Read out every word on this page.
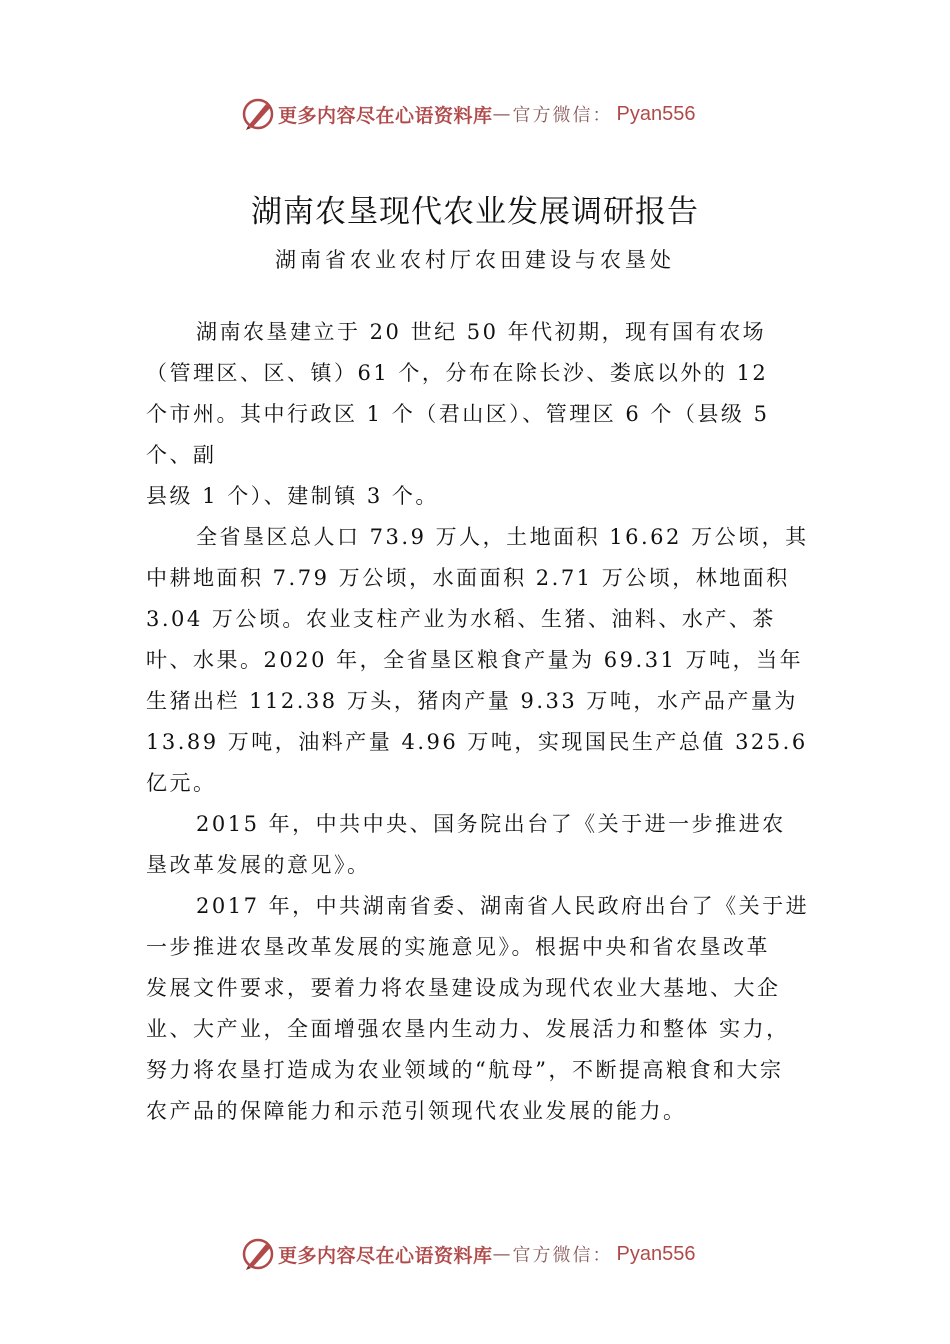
更多内容尽在心语资料库 — 官方微信： Pyan556
湖南农垦现代农业发展调研报告
湖南省农业农村厅农田建设与农垦处

湖南农垦建立于 20 世纪 50 年代初期，现有国有农场

（管理区、区、镇）61 个，分布在除长沙、娄底以外的 12

个市州。其中行政区 1 个（君山区）、管理区 6 个（县级 5

个、副

县级 1 个）、建制镇 3 个。

全省垦区总人口 73.9 万人，土地面积 16.62 万公顷，其

中耕地面积 7.79 万公顷，水面面积 2.71 万公顷，林地面积

3.04 万公顷。农业支柱产业为水稻、生猪、油料、水产、茶

叶、水果。2020 年，全省垦区粮食产量为 69.31 万吨，当年

生猪出栏 112.38 万头，猪肉产量 9.33 万吨，水产品产量为

13.89 万吨，油料产量 4.96 万吨，实现国民生产总值 325.6

亿元。

2015 年，中共中央、国务院出台了《关于进一步推进农

垦改革发展的意见》。

2017 年，中共湖南省委、湖南省人民政府出台了《关于进

一步推进农垦改革发展的实施意见》。根据中央和省农垦改革

发展文件要求，要着力将农垦建设成为现代农业大基地、大企

业、大产业，全面增强农垦内生动力、发展活力和整体 实力，

努力将农垦打造成为农业领域的“航母”，不断提高粮食和大宗

农产品的保障能力和示范引领现代农业发展的能力。

更多内容尽在心语资料库 — 官方微信： Pyan556
